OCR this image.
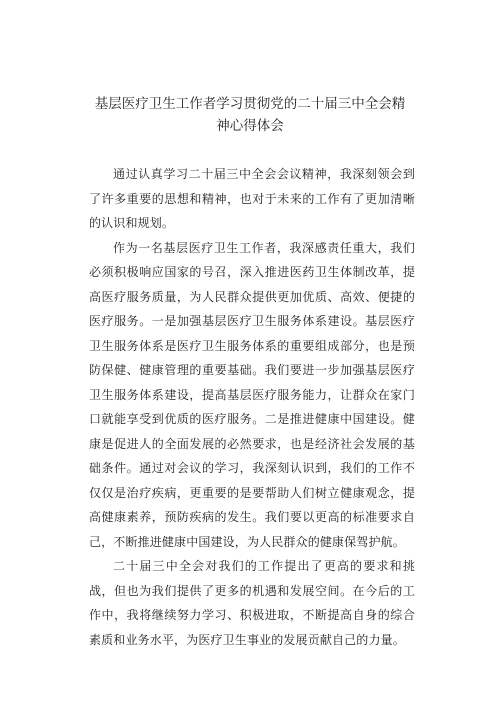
基层医疗卫生工作者学习贯彻党的二十届三中全会精
神心得体会

通过认真学习二十届三中全会会议精神，我深刻领会到了许多重要的思想和精神，也对于未来的工作有了更加清晰的认识和规划。

作为一名基层医疗卫生工作者，我深感责任重大，我们必须积极响应国家的号召，深入推进医药卫生体制改革，提高医疗服务质量，为人民群众提供更加优质、高效、便捷的医疗服务。一是加强基层医疗卫生服务体系建设。基层医疗卫生服务体系是医疗卫生服务体系的重要组成部分，也是预防保健、健康管理的重要基础。我们要进一步加强基层医疗卫生服务体系建设，提高基层医疗服务能力，让群众在家门口就能享受到优质的医疗服务。二是推进健康中国建设。健康是促进人的全面发展的必然要求，也是经济社会发展的基础条件。通过对会议的学习，我深刻认识到，我们的工作不仅仅是治疗疾病，更重要的是要帮助人们树立健康观念，提高健康素养，预防疾病的发生。我们要以更高的标准要求自己，不断推进健康中国建设，为人民群众的健康保驾护航。

二十届三中全会对我们的工作提出了更高的要求和挑战，但也为我们提供了更多的机遇和发展空间。在今后的工作中，我将继续努力学习、积极进取，不断提高自身的综合素质和业务水平，为医疗卫生事业的发展贡献自己的力量。
